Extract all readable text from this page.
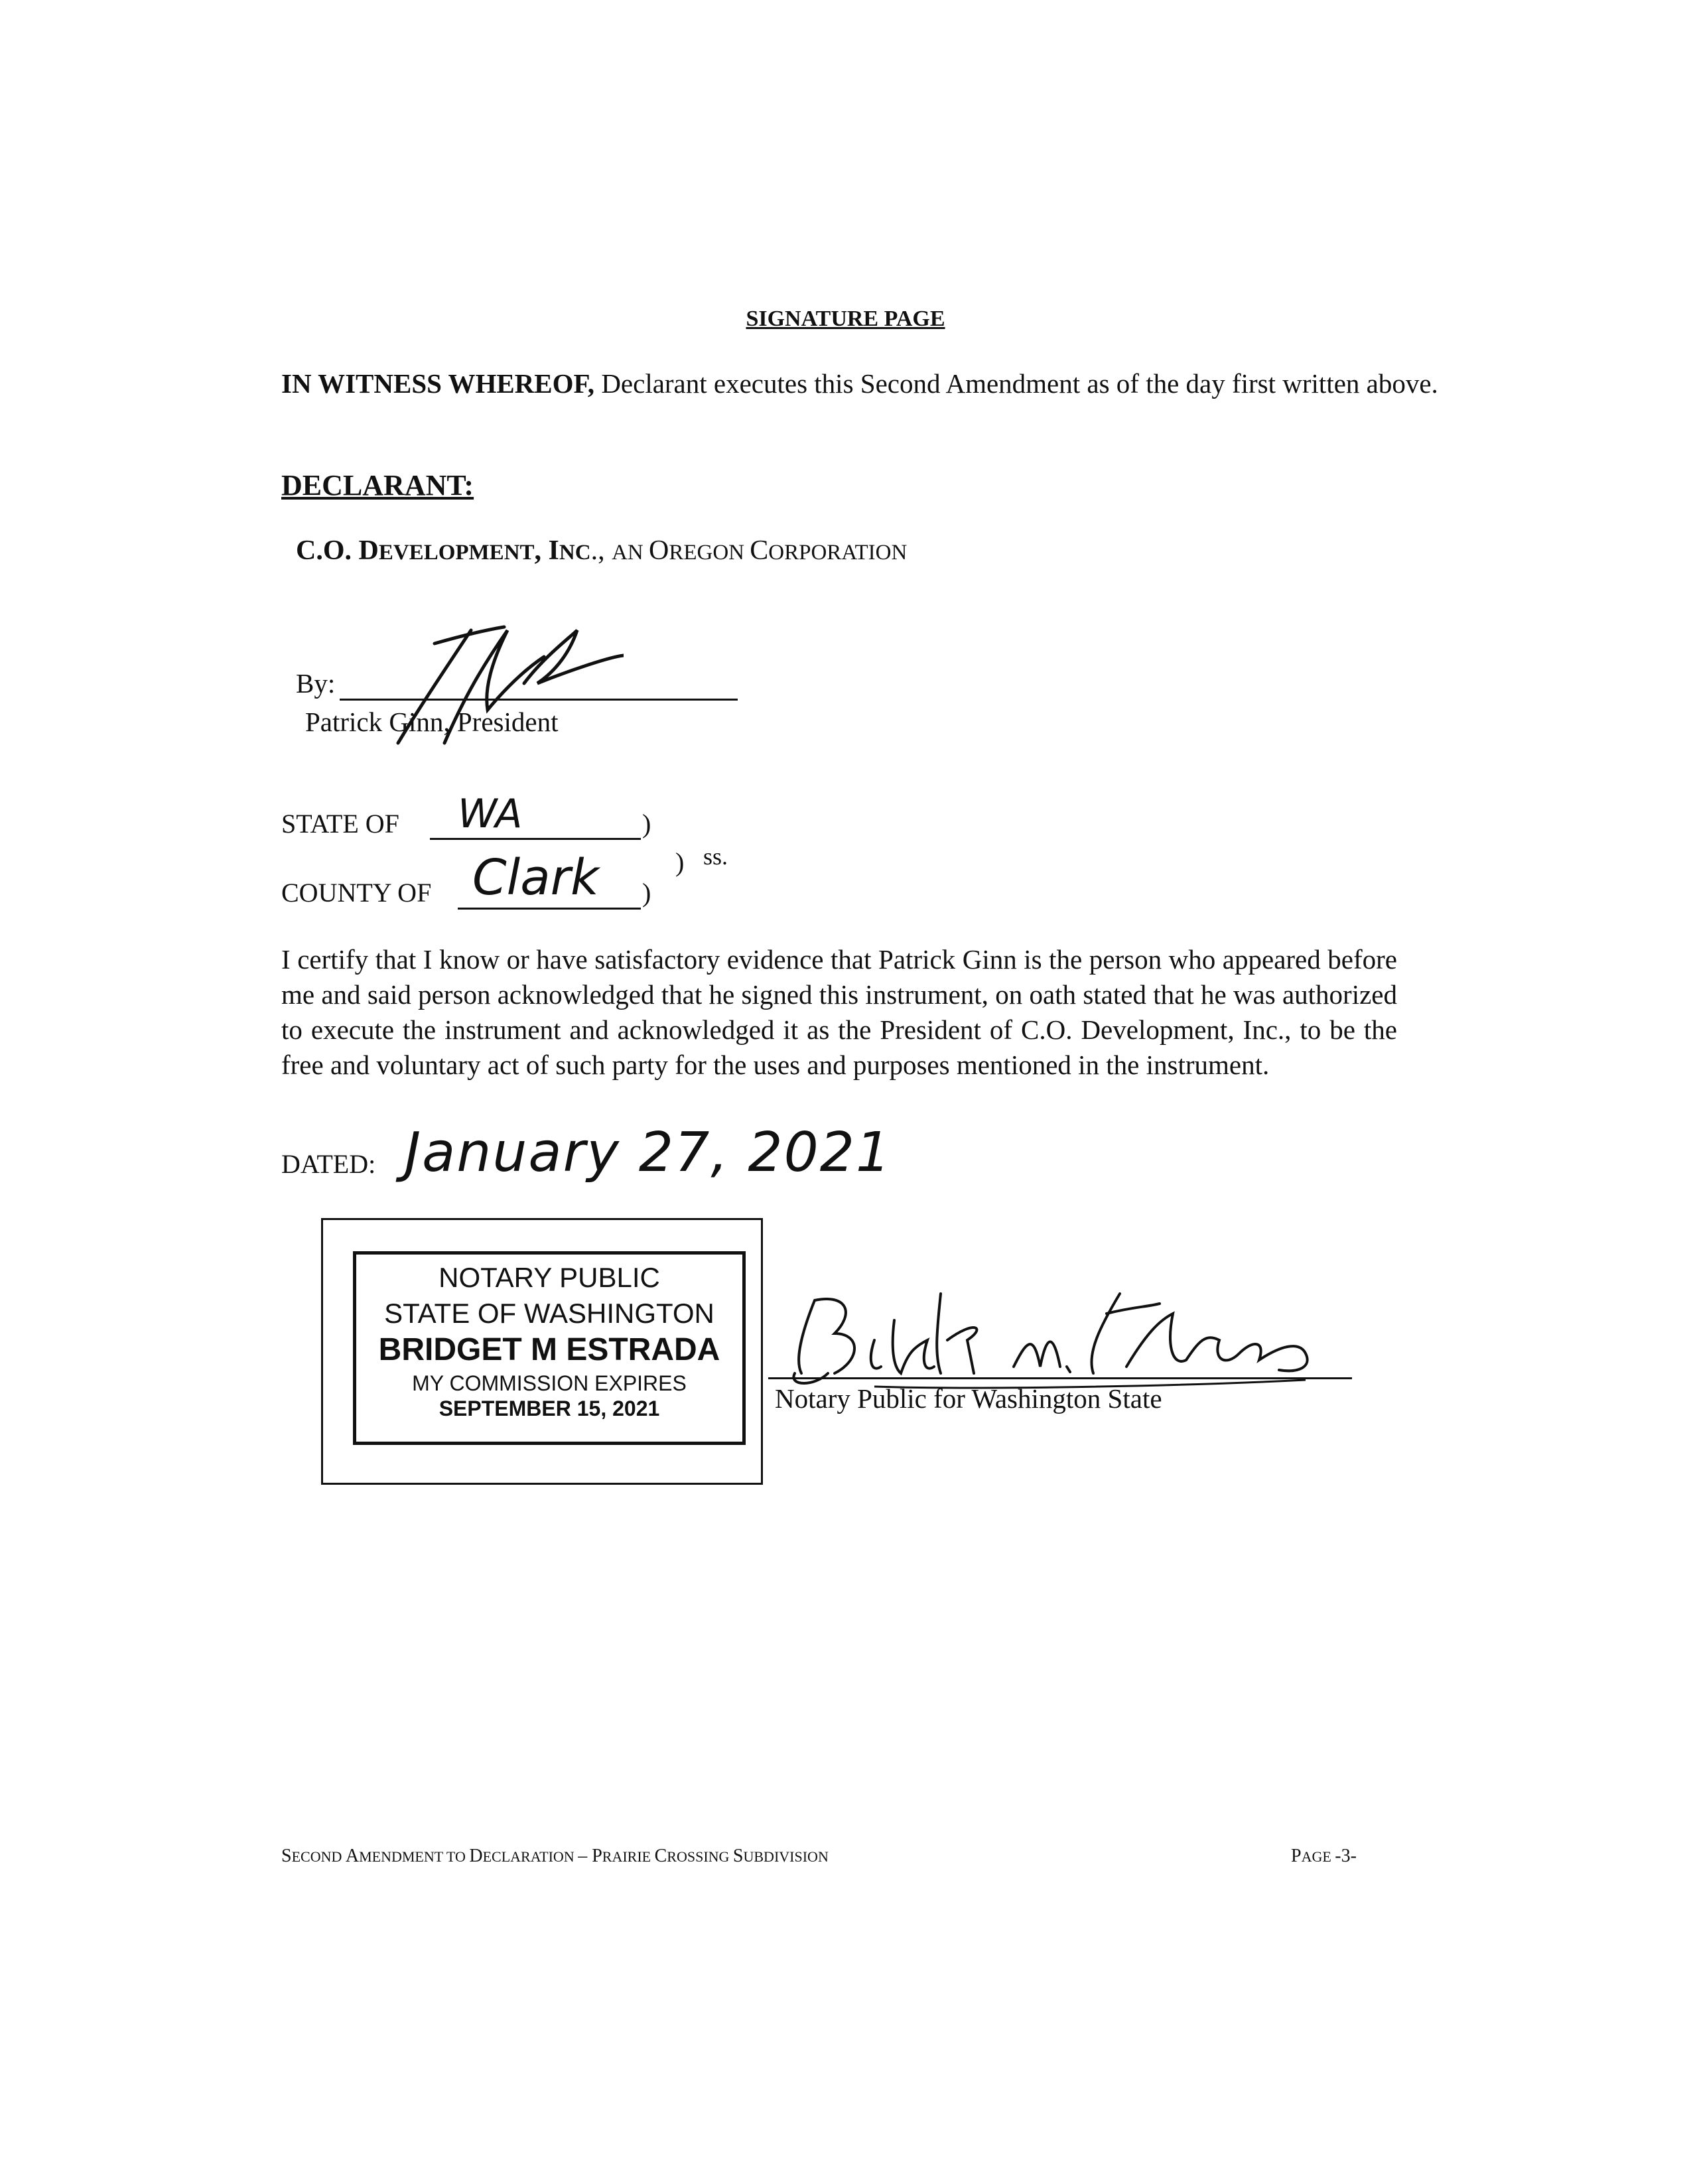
SIGNATURE PAGE
IN WITNESS WHEREOF, Declarant executes this Second Amendment as of the day first written above.
DECLARANT:
C.O. DEVELOPMENT, INC., AN OREGON CORPORATION
By:
Patrick Ginn, President
STATE OF WA	)
) ss.
COUNTY OF Clark )
I certify that I know or have satisfactory evidence that Patrick Ginn is the person who appeared before me and said person acknowledged that he signed this instrument, on oath stated that he was authorized to execute the instrument and acknowledged it as the President of C.O. Development, Inc., to be the free and voluntary act of such party for the uses and purposes mentioned in the instrument.
DATED: January 27, 2021
NOTARY PUBLIC
STATE OF WASHINGTON
BRIDGET M ESTRADA
MY COMMISSION EXPIRES
SEPTEMBER 15, 2021	Notary Public for Washington State
SECOND AMENDMENT TO DECLARATION – PRAIRIE CROSSING SUBDIVISION	PAGE -3-
